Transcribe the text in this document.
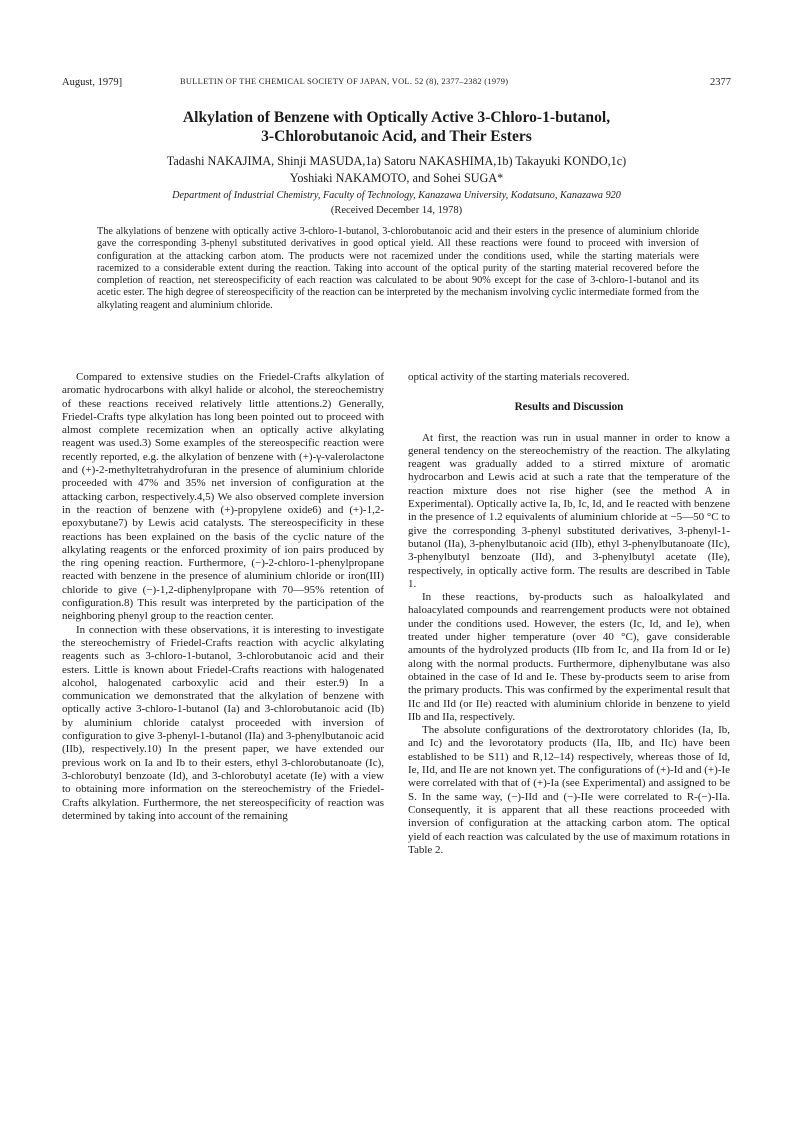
August, 1979]	BULLETIN OF THE CHEMICAL SOCIETY OF JAPAN, VOL. 52 (8), 2377–2382 (1979)	2377
Alkylation of Benzene with Optically Active 3-Chloro-1-butanol,
3-Chlorobutanoic Acid, and Their Esters
Tadashi NAKAJIMA, Shinji MASUDA,1a) Satoru NAKASHIMA,1b) Takayuki KONDO,1c)
Yoshiaki NAKAMOTO, and Sohei SUGA*
Department of Industrial Chemistry, Faculty of Technology, Kanazawa University, Kodatsuno, Kanazawa 920
(Received December 14, 1978)
The alkylations of benzene with optically active 3-chloro-1-butanol, 3-chlorobutanoic acid and their esters in the presence of aluminium chloride gave the corresponding 3-phenyl substituted derivatives in good optical yield. All these reactions were found to proceed with inversion of configuration at the attacking carbon atom. The products were not racemized under the conditions used, while the starting materials were racemized to a considerable extent during the reaction. Taking into account of the optical purity of the starting material recovered before the completion of reaction, net stereospecificity of each reaction was calculated to be about 90% except for the case of 3-chloro-1-butanol and its acetic ester. The high degree of stereospecificity of the reaction can be interpreted by the mechanism involving cyclic intermediate formed from the alkylating reagent and aluminium chloride.

Compared to extensive studies on the Friedel-Crafts alkylation of aromatic hydrocarbons with alkyl halide or alcohol, the stereochemistry of these reactions received relatively little attentions.2) Generally, Friedel-Crafts type alkylation has long been pointed out to proceed with almost complete recemization when an optically active alkylating reagent was used.3) Some examples of the stereospecific reaction were recently reported, e.g. the alkylation of benzene with (+)-γ-valerolactone and (+)-2-methyltetrahydrofuran in the presence of aluminium chloride proceeded with 47% and 35% net inversion of configuration at the attacking carbon, respectively.4,5) We also observed complete inversion in the reaction of benzene with (+)-propylene oxide6) and (+)-1,2-epoxybutane7) by Lewis acid catalysts. The stereospecificity in these reactions has been explained on the basis of the cyclic nature of the alkylating reagents or the enforced proximity of ion pairs produced by the ring opening reaction. Furthermore, (−)-2-chloro-1-phenylpropane reacted with benzene in the presence of aluminium chloride or iron(III) chloride to give (−)-1,2-diphenylpropane with 70—95% retention of configuration.8) This result was interpreted by the participation of the neighboring phenyl group to the reaction center.

In connection with these observations, it is interesting to investigate the stereochemistry of Friedel-Crafts reaction with acyclic alkylating reagents such as 3-chloro-1-butanol, 3-chlorobutanoic acid and their esters. Little is known about Friedel-Crafts reactions with halogenated alcohol, halogenated carboxylic acid and their ester.9) In a communication we demonstrated that the alkylation of benzene with optically active 3-chloro-1-butanol (Ia) and 3-chlorobutanoic acid (Ib) by aluminium chloride catalyst proceeded with inversion of configuration to give 3-phenyl-1-butanol (IIa) and 3-phenylbutanoic acid (IIb), respectively.10) In the present paper, we have extended our previous work on Ia and Ib to their esters, ethyl 3-chlorobutanoate (Ic), 3-chlorobutyl benzoate (Id), and 3-chlorobutyl acetate (Ie) with a view to obtaining more information on the stereochemistry of the Friedel-Crafts alkylation. Furthermore, the net stereospecificity of reaction was determined by taking into account of the remaining

optical activity of the starting materials recovered.

Results and Discussion

At first, the reaction was run in usual manner in order to know a general tendency on the stereochemistry of the reaction. The alkylating reagent was gradually added to a stirred mixture of aromatic hydrocarbon and Lewis acid at such a rate that the temperature of the reaction mixture does not rise higher (see the method A in Experimental). Optically active Ia, Ib, Ic, Id, and Ie reacted with benzene in the presence of 1.2 equivalents of aluminium chloride at −5—50 °C to give the corresponding 3-phenyl substituted derivatives, 3-phenyl-1-butanol (IIa), 3-phenylbutanoic acid (IIb), ethyl 3-phenylbutanoate (IIc), 3-phenylbutyl benzoate (IId), and 3-phenylbutyl acetate (IIe), respectively, in optically active form. The results are described in Table 1.

In these reactions, by-products such as haloalkylated and haloacylated compounds and rearrengement products were not obtained under the conditions used. However, the esters (Ic, Id, and Ie), when treated under higher temperature (over 40 °C), gave considerable amounts of the hydrolyzed products (IIb from Ic, and IIa from Id or Ie) along with the normal products. Furthermore, diphenylbutane was also obtained in the case of Id and Ie. These by-products seem to arise from the primary products. This was confirmed by the experimental result that IIc and IId (or IIe) reacted with aluminium chloride in benzene to yield IIb and IIa, respectively.

The absolute configurations of the dextrorotatory chlorides (Ia, Ib, and Ic) and the levorotatory products (IIa, IIb, and IIc) have been established to be S11) and R,12–14) respectively, whereas those of Id, Ie, IId, and IIe are not known yet. The configurations of (+)-Id and (+)-Ie were correlated with that of (+)-Ia (see Experimental) and assigned to be S. In the same way, (−)-IId and (−)-IIe were correlated to R-(−)-IIa. Consequently, it is apparent that all these reactions proceeded with inversion of configuration at the attacking carbon atom. The optical yield of each reaction was calculated by the use of maximum rotations in Table 2.
